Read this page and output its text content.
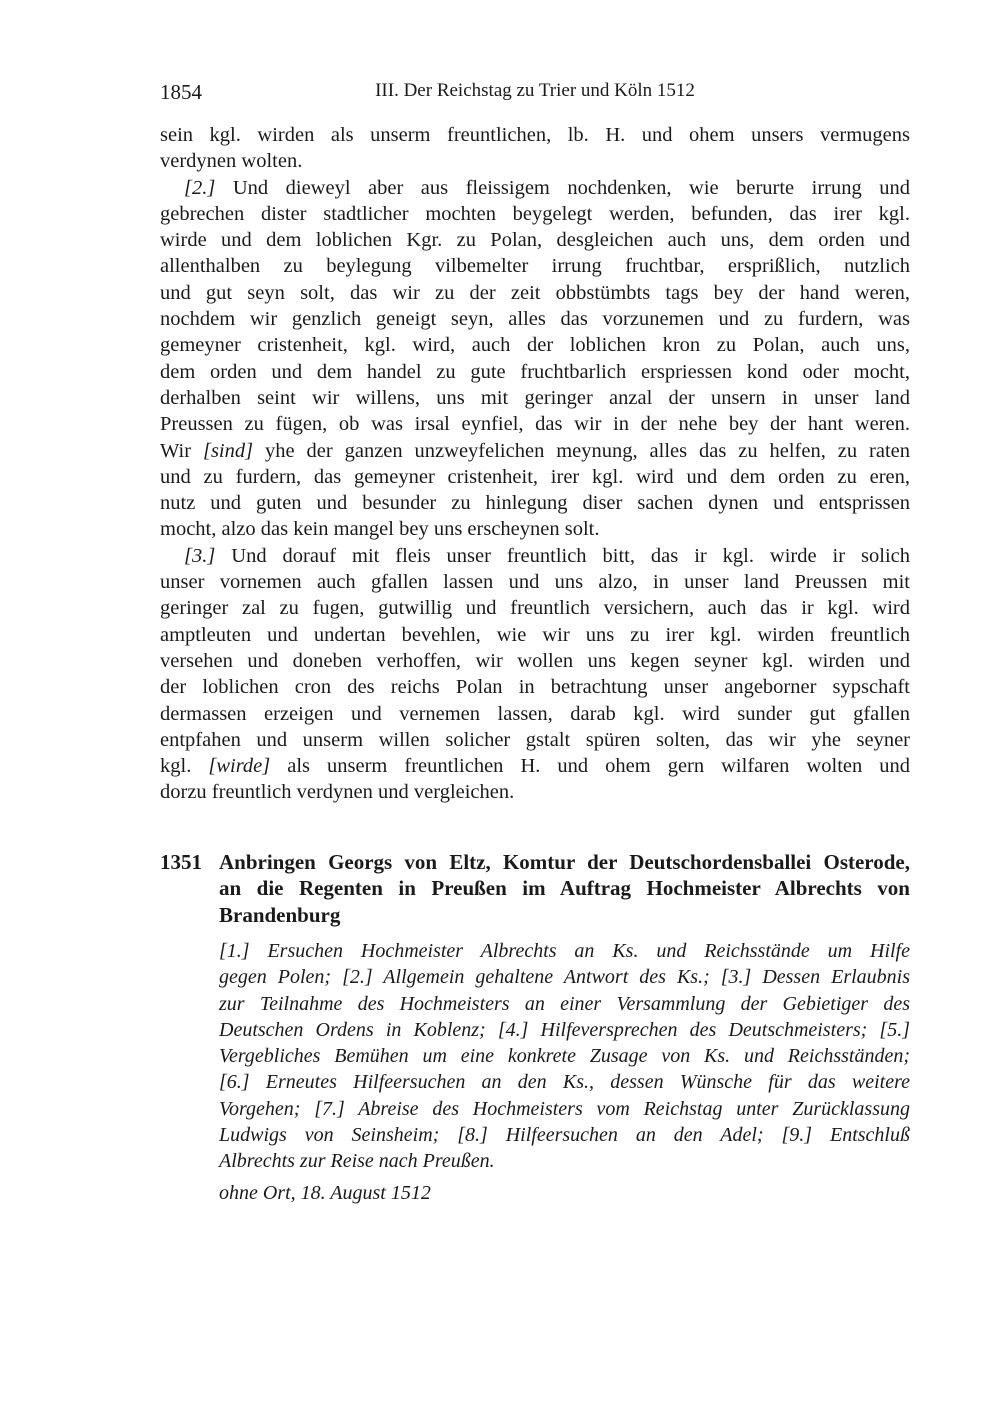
1854	III. Der Reichstag zu Trier und Köln 1512
sein kgl. wirden als unserm freuntlichen, lb. H. und ohem unsers vermugens
verdynen wolten.
[2.] Und dieweyl aber aus fleissigem nochdenken, wie berurte irrung und
gebrechen dister stadtlicher mochten beygelegt werden, befunden, das irer kgl.
wirde und dem loblichen Kgr. zu Polan, desgleichen auch uns, dem orden und
allenthalben zu beylegung vilbemelter irrung fruchtbar, ersprißlich, nutzlich
und gut seyn solt, das wir zu der zeit obbstümbts tags bey der hand weren,
nochdem wir genzlich geneigt seyn, alles das vorzunemen und zu furdern, was
gemeyner cristenheit, kgl. wird, auch der loblichen kron zu Polan, auch uns,
dem orden und dem handel zu gute fruchtbarlich erspriessen kond oder mocht,
derhalben seint wir willens, uns mit geringer anzal der unsern in unser land
Preussen zu fügen, ob was irsal eynfiel, das wir in der nehe bey der hant weren.
Wir [sind] yhe der ganzen unzweyfelichen meynung, alles das zu helfen, zu raten
und zu furdern, das gemeyner cristenheit, irer kgl. wird und dem orden zu eren,
nutz und guten und besunder zu hinlegung diser sachen dynen und entsprissen
mocht, alzo das kein mangel bey uns erscheynen solt.
[3.] Und dorauf mit fleis unser freuntlich bitt, das ir kgl. wirde ir solich
unser vornemen auch gfallen lassen und uns alzo, in unser land Preussen mit
geringer zal zu fugen, gutwillig und freuntlich versichern, auch das ir kgl. wird
amptleuten und undertan bevehlen, wie wir uns zu irer kgl. wirden freuntlich
versehen und doneben verhoffen, wir wollen uns kegen seyner kgl. wirden und
der loblichen cron des reichs Polan in betrachtung unser angeborner sypschaft
dermassen erzeigen und vernemen lassen, darab kgl. wird sunder gut gfallen
entpfahen und unserm willen solicher gstalt spüren solten, das wir yhe seyner
kgl. [wirde] als unserm freuntlichen H. und ohem gern wilfaren wolten und
dorzu freuntlich verdynen und vergleichen.
1351 Anbringen Georgs von Eltz, Komtur der Deutschordensballei Osterode,
an die Regenten in Preußen im Auftrag Hochmeister Albrechts von
Brandenburg
[1.] Ersuchen Hochmeister Albrechts an Ks. und Reichsstände um Hilfe
gegen Polen; [2.] Allgemein gehaltene Antwort des Ks.; [3.] Dessen Erlaubnis
zur Teilnahme des Hochmeisters an einer Versammlung der Gebietiger des
Deutschen Ordens in Koblenz; [4.] Hilfeversprechen des Deutschmeisters; [5.]
Vergebliches Bemühen um eine konkrete Zusage von Ks. und Reichsständen;
[6.] Erneutes Hilfeersuchen an den Ks., dessen Wünsche für das weitere
Vorgehen; [7.] Abreise des Hochmeisters vom Reichstag unter Zurücklassung
Ludwigs von Seinsheim; [8.] Hilfeersuchen an den Adel; [9.] Entschluß
Albrechts zur Reise nach Preußen.
ohne Ort, 18. August 1512
